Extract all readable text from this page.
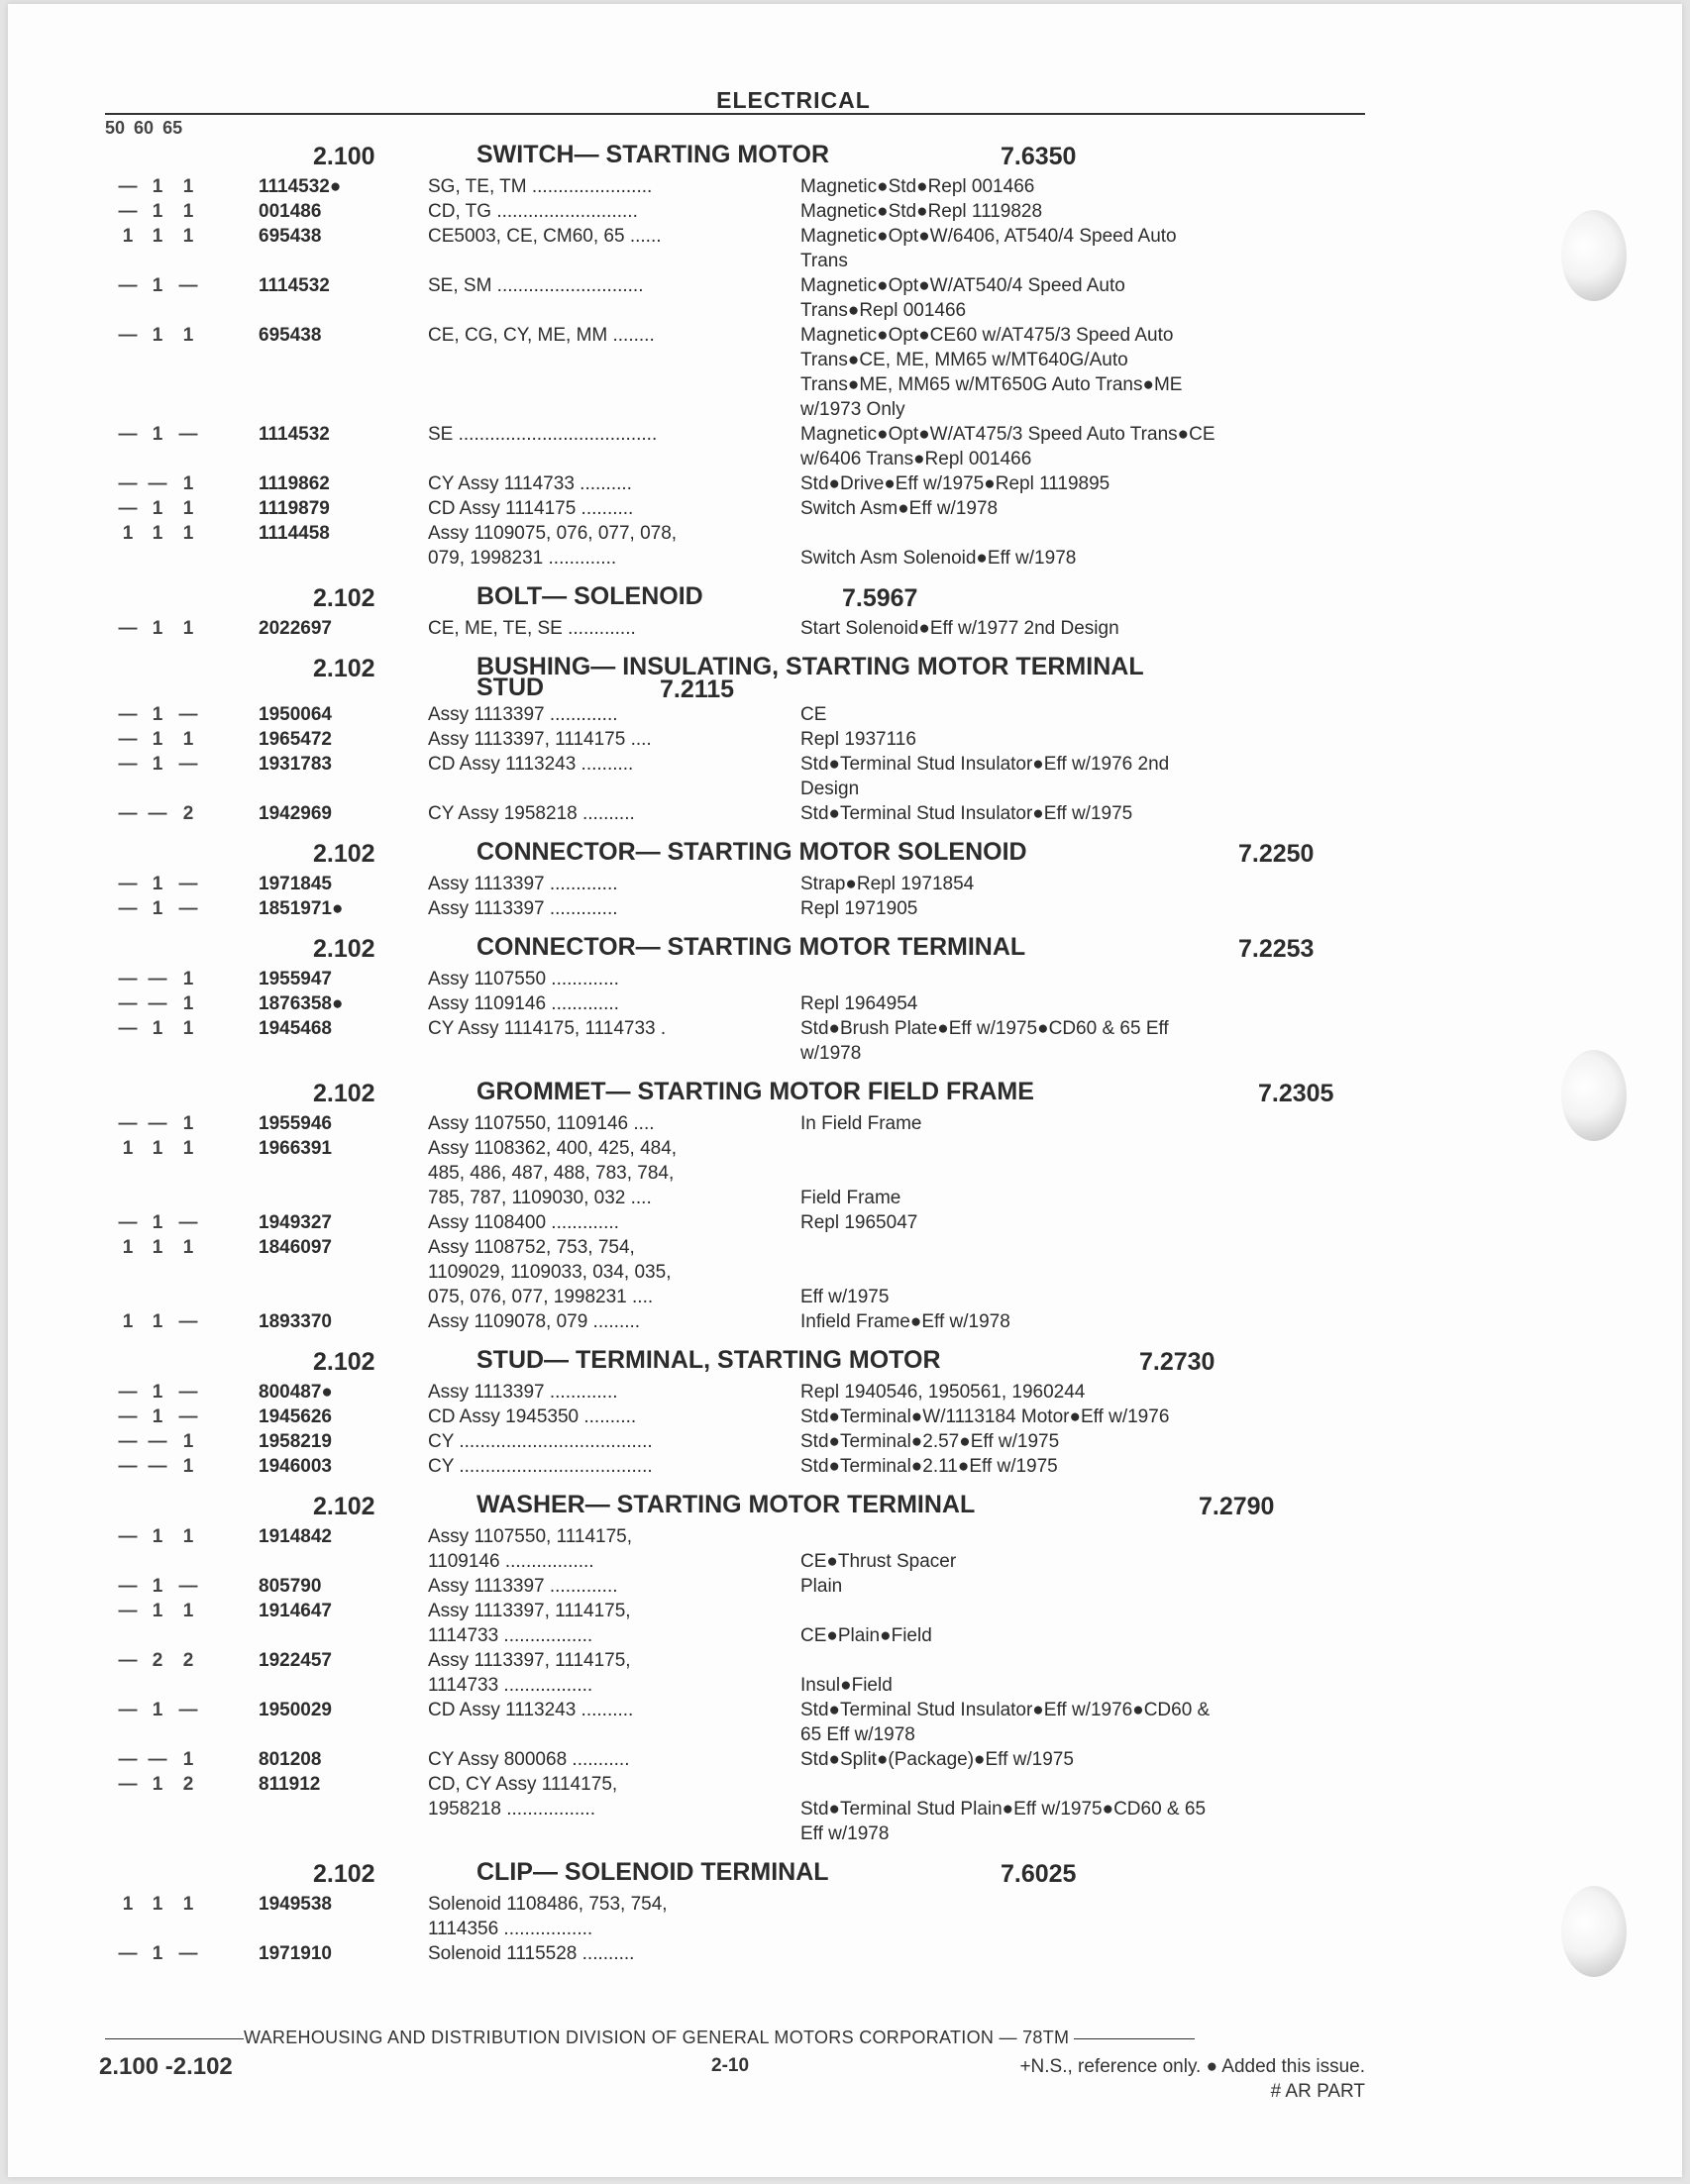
ELECTRICAL
50 60 65
2.100	SWITCH— STARTING MOTOR	7.6350
— 1	1	1114532●	SG, TE, TM .......................	Magnetic●Std●Repl 001466
— 1	1	001486	CD, TG ...........................	Magnetic●Std●Repl 1119828
1	1	1	695438	CE5003, CE, CM60, 65 ......
	Magnetic●Opt●W/6406, AT540/4 Speed Auto
Trans
— 1 —	1114532	SE, SM ............................
	Magnetic●Opt●W/AT540/4 Speed Auto
Trans●Repl 001466
— 1	1	695438	CE, CG, CY, ME, MM ........

	Magnetic●Opt●CE60 w/AT475/3 Speed Auto
Trans●CE, ME, MM65 w/MT640G/Auto
Trans●ME, MM65 w/MT650G Auto Trans●ME
w/1973 Only
— 1 —	1114532	SE ......................................
	Magnetic●Opt●W/AT475/3 Speed Auto Trans●CE
w/6406 Trans●Repl 001466
— — 1	1119862	CY Assy 1114733 ..........	Std●Drive●Eff w/1975●Repl 1119895
— 1	1	1119879	CD Assy 1114175 ..........	Switch Asm●Eff w/1978
1	1	1	1114458	Assy 1109075, 076, 077, 078,
079, 1998231 .............	Switch Asm Solenoid●Eff w/1978
2.102	BOLT— SOLENOID	7.5967
— 1	1	2022697	CE, ME, TE, SE .............	Start Solenoid●Eff w/1977 2nd Design
2.102	BUSHING— INSULATING, STARTING MOTOR TERMINAL
STUD	7.2115
— 1 —	1950064	Assy 1113397 .............	CE
— 1	1	1965472	Assy 1113397, 1114175 ....	Repl 1937116
— 1 —	1931783	CD Assy 1113243 ..........
	Std●Terminal Stud Insulator●Eff w/1976 2nd
Design
— — 2	1942969	CY Assy 1958218 ..........	Std●Terminal Stud Insulator●Eff w/1975
2.102	CONNECTOR— STARTING MOTOR SOLENOID	7.2250
— 1 —	1971845	Assy 1113397 .............	Strap●Repl 1971854
— 1 —	1851971●	Assy 1113397 .............	Repl 1971905
2.102	CONNECTOR— STARTING MOTOR TERMINAL	7.2253
— — 1	1955947	Assy 1107550 .............
— — 1	1876358●	Assy 1109146 .............	Repl 1964954
— 1	1	1945468	CY Assy 1114175, 1114733 .
	Std●Brush Plate●Eff w/1975●CD60 & 65 Eff
w/1978
2.102	GROMMET— STARTING MOTOR FIELD FRAME	7.2305
— — 1	1955946	Assy 1107550, 1109146 ....	In Field Frame
1	1	1	1966391	Assy 1108362, 400, 425, 484,
485, 486, 487, 488, 783, 784,
785, 787, 1109030, 032 ....	Field Frame
— 1 —	1949327	Assy 1108400 .............	Repl 1965047
1	1	1	1846097	Assy 1108752, 753, 754,
1109029, 1109033, 034, 035,
075, 076, 077, 1998231 ....	Eff w/1975
1	1 —	1893370	Assy 1109078, 079 .........	Infield Frame●Eff w/1978
2.102	STUD— TERMINAL, STARTING MOTOR	7.2730
— 1 —	800487●	Assy 1113397 .............	Repl 1940546, 1950561, 1960244
— 1 —	1945626	CD Assy 1945350 ..........	Std●Terminal●W/1113184 Motor●Eff w/1976
— — 1	1958219	CY .....................................	Std●Terminal●2.57●Eff w/1975
— — 1	1946003	CY .....................................	Std●Terminal●2.11●Eff w/1975
2.102	WASHER— STARTING MOTOR TERMINAL	7.2790
— 1	1	1914842	Assy 1107550, 1114175,
1109146 .................	CE●Thrust Spacer
— 1 —	805790	Assy 1113397 .............	Plain
— 1	1	1914647	Assy 1113397, 1114175,
1114733 .................	CE●Plain●Field
— 2	2	1922457	Assy 1113397, 1114175,
1114733 .................	Insul●Field
— 1 —	1950029	CD Assy 1113243 ..........
	Std●Terminal Stud Insulator●Eff w/1976●CD60 &
65 Eff w/1978
— — 1	801208	CY Assy 800068 ...........	Std●Split●(Package)●Eff w/1975
— 1	2	811912	CD, CY Assy 1114175,
1958218 .................
	Std●Terminal Stud Plain●Eff w/1975●CD60 & 65
Eff w/1978
2.102	CLIP— SOLENOID TERMINAL	7.6025
1	1	1	1949538	Solenoid 1108486, 753, 754,
1114356 .................
— 1 —	1971910	Solenoid 1115528 ..........
WAREHOUSING AND DISTRIBUTION DIVISION OF GENERAL MOTORS CORPORATION — 78TM
2.100 -2.102	2-10	+N.S., reference only. ● Added this issue.
# AR PART
